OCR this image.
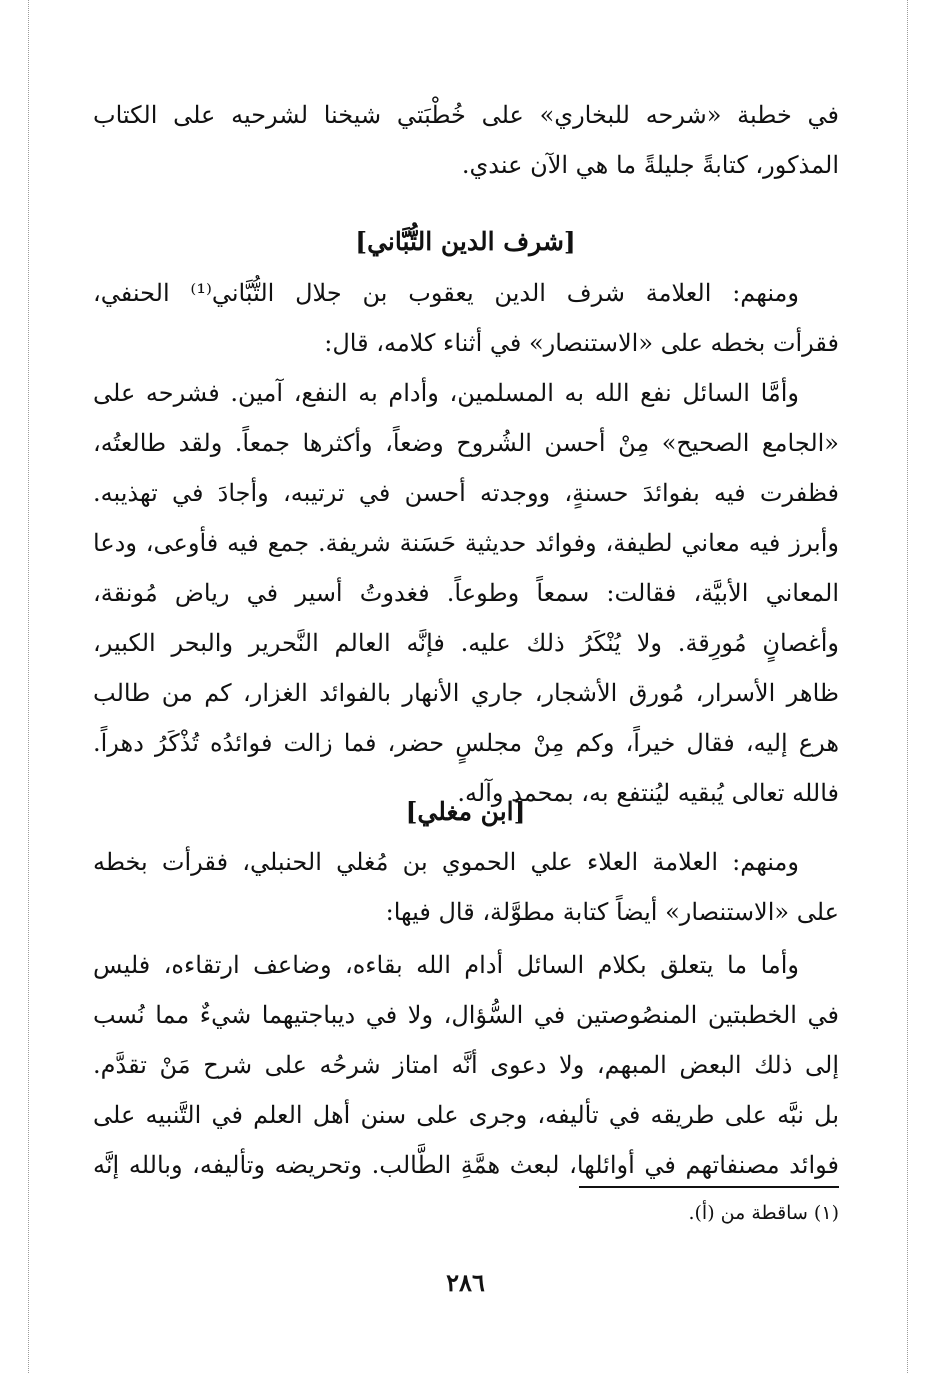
في خطبة «شرحه للبخاري» على خُطْبَتي شيخنا لشرحيه على الكتاب
المذكور، كتابةً جليلةً ما هي الآن عندي.
[شرف الدين التُّبَّاني]
ومنهم: العلامة شرف الدين يعقوب بن جلال التُّبَّاني⁽¹⁾ الحنفي،
فقرأت بخطه على «الاستنصار» في أثناء كلامه، قال:
وأمَّا السائل نفع الله به المسلمين، وأدام به النفع، آمين. فشرحه على
«الجامع الصحيح» مِنْ أحسن الشُروح وضعاً، وأكثرها جمعاً. ولقد طالعتُه،
فظفرت فيه بفوائدَ حسنةٍ، ووجدته أحسن في ترتيبه، وأجادَ في تهذيبه.
وأبرز فيه معاني لطيفة، وفوائد حديثية حَسَنة شريفة. جمع فيه فأوعى، ودعا
المعاني الأبيَّة، فقالت: سمعاً وطوعاً. فغدوتُ أسير في رياض مُونقة،
وأغصانٍ مُورِقة. ولا يُنْكَرُ ذلك عليه. فإنَّه العالم النَّحرير والبحر الكبير،
ظاهر الأسرار، مُورق الأشجار، جاري الأنهار بالفوائد الغزار، كم من طالب
هرع إليه، فقال خيراً، وكم مِنْ مجلسٍ حضر، فما زالت فوائدُه تُذْكَرُ دهراً.
فالله تعالى يُبقيه ليُنتفع به، بمحمد وآله.
[ابن مغلي]
ومنهم: العلامة العلاء علي الحموي بن مُغلي الحنبلي، فقرأت بخطه
على «الاستنصار» أيضاً كتابة مطوَّلة، قال فيها:
وأما ما يتعلق بكلام السائل أدام الله بقاءه، وضاعف ارتقاءه، فليس
في الخطبتين المنصُوصتين في السُّؤال، ولا في ديباجتيهما شيءٌ مما نُسب
إلى ذلك البعض المبهم، ولا دعوى أنَّه امتاز شرحُه على شرح مَنْ تقدَّم.
بل نبَّه على طريقه في تأليفه، وجرى على سنن أهل العلم في التَّنبيه على
فوائد مصنفاتهم في أوائلها، لبعث همَّةِ الطَّالب. وتحريضه وتأليفه، وبالله إنَّه
(١) ساقطة من (أ).
٢٨٦
